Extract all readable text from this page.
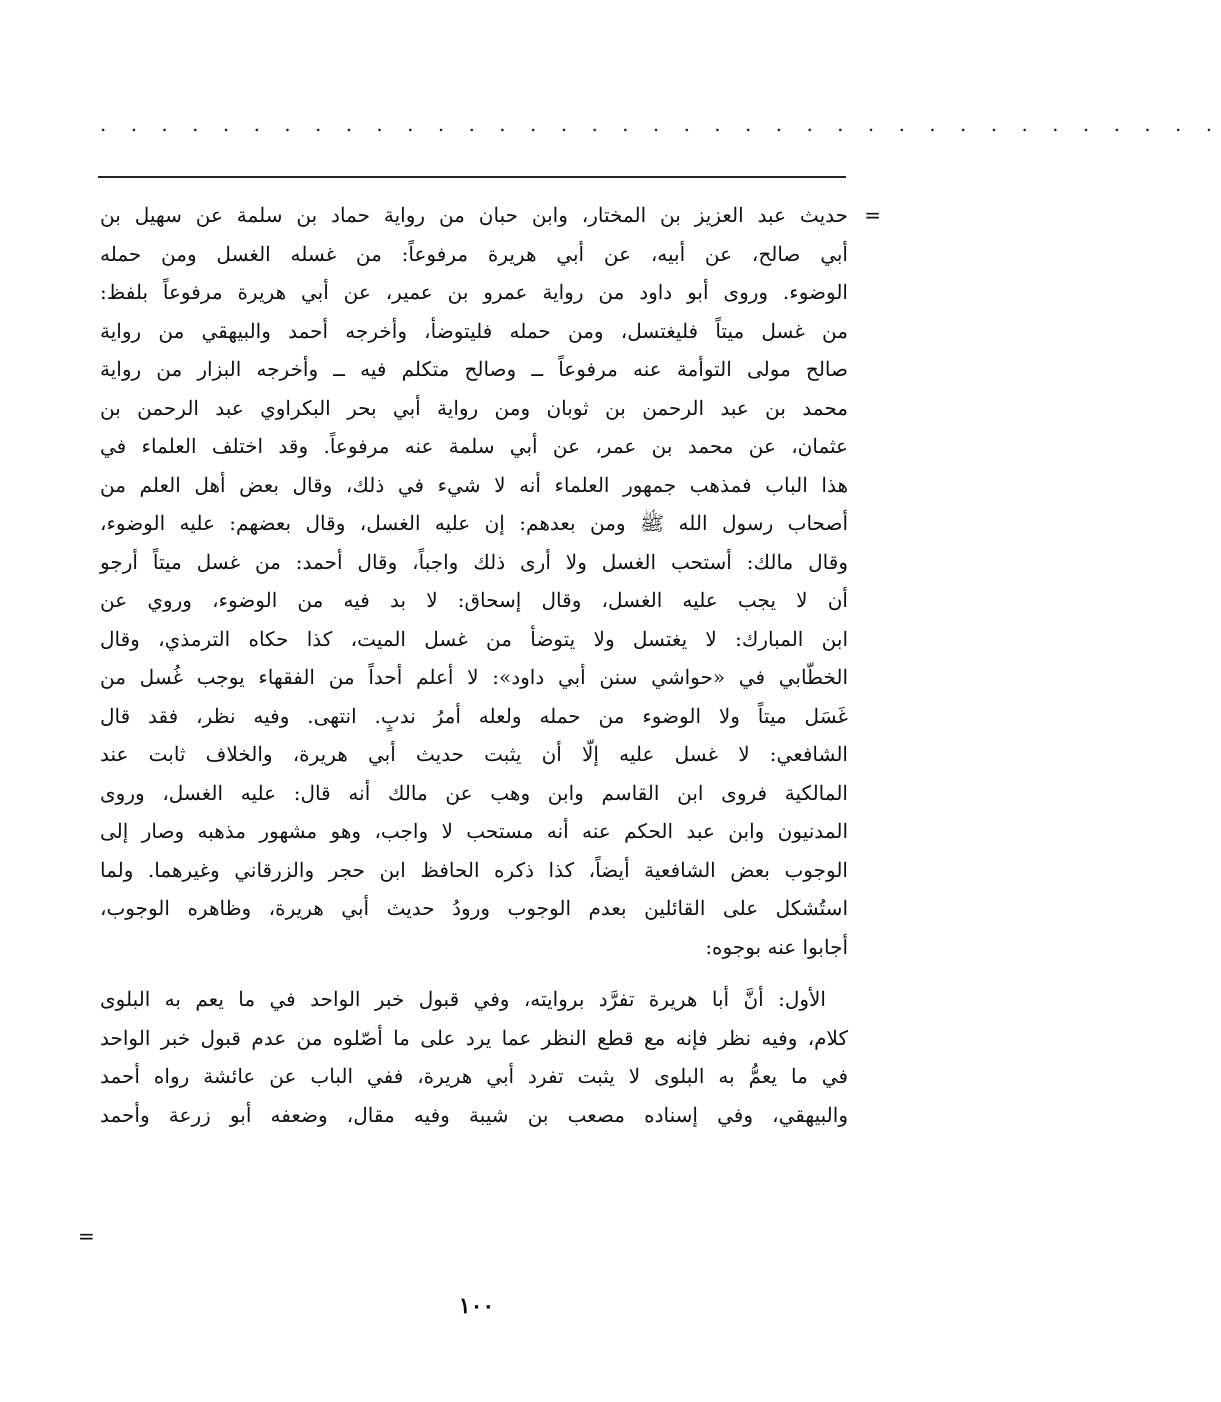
. . . . . . . . . . . . . . . . . . . . . . . . . . . . . . . . . . . . .
=
حديث عبد العزيز بن المختار، وابن حبان من رواية حماد بن سلمة عن سهيل بن
أبي صالح، عن أبيه، عن أبي هريرة مرفوعاً: من غسله الغسل ومن حمله
الوضوء. وروى أبو داود من رواية عمرو بن عمير، عن أبي هريرة مرفوعاً بلفظ:
من غسل ميتاً فليغتسل، ومن حمله فليتوضأ، وأخرجه أحمد والبيهقي من رواية
صالح مولى التوأمة عنه مرفوعاً ــ وصالح متكلم فيه ــ وأخرجه البزار من رواية
محمد بن عبد الرحمن بن ثوبان ومن رواية أبي بحر البكراوي عبد الرحمن بن
عثمان، عن محمد بن عمر، عن أبي سلمة عنه مرفوعاً. وقد اختلف العلماء في
هذا الباب فمذهب جمهور العلماء أنه لا شيء في ذلك، وقال بعض أهل العلم من
أصحاب رسول الله ﷺ ومن بعدهم: إن عليه الغسل، وقال بعضهم: عليه الوضوء،
وقال مالك: أستحب الغسل ولا أرى ذلك واجباً، وقال أحمد: من غسل ميتاً أرجو
أن لا يجب عليه الغسل، وقال إسحاق: لا بد فيه من الوضوء، وروي عن
ابن المبارك: لا يغتسل ولا يتوضأ من غسل الميت، كذا حكاه الترمذي، وقال
الخطّابي في «حواشي سنن أبي داود»: لا أعلم أحداً من الفقهاء يوجب غُسل من
غَسَل ميتاً ولا الوضوء من حمله ولعله أمرُ ندبٍ. انتهى. وفيه نظر، فقد قال
الشافعي: لا غسل عليه إلّا أن يثبت حديث أبي هريرة، والخلاف ثابت عند
المالكية فروى ابن القاسم وابن وهب عن مالك أنه قال: عليه الغسل، وروى
المدنيون وابن عبد الحكم عنه أنه مستحب لا واجب، وهو مشهور مذهبه وصار إلى
الوجوب بعض الشافعية أيضاً، كذا ذكره الحافظ ابن حجر والزرقاني وغيرهما. ولما
استُشكل على القائلين بعدم الوجوب ورودُ حديث أبي هريرة، وظاهره الوجوب،
أجابوا عنه بوجوه:
الأول: أنَّ أبا هريرة تفرَّد بروايته، وفي قبول خبر الواحد في ما يعم به البلوى
كلام، وفيه نظر فإنه مع قطع النظر عما يرد على ما أصّلوه من عدم قبول خبر الواحد
في ما يعمُّ به البلوى لا يثبت تفرد أبي هريرة، ففي الباب عن عائشة رواه أحمد
والبيهقي، وفي إسناده مصعب بن شيبة وفيه مقال، وضعفه أبو زرعة وأحمد
=
١٠٠
